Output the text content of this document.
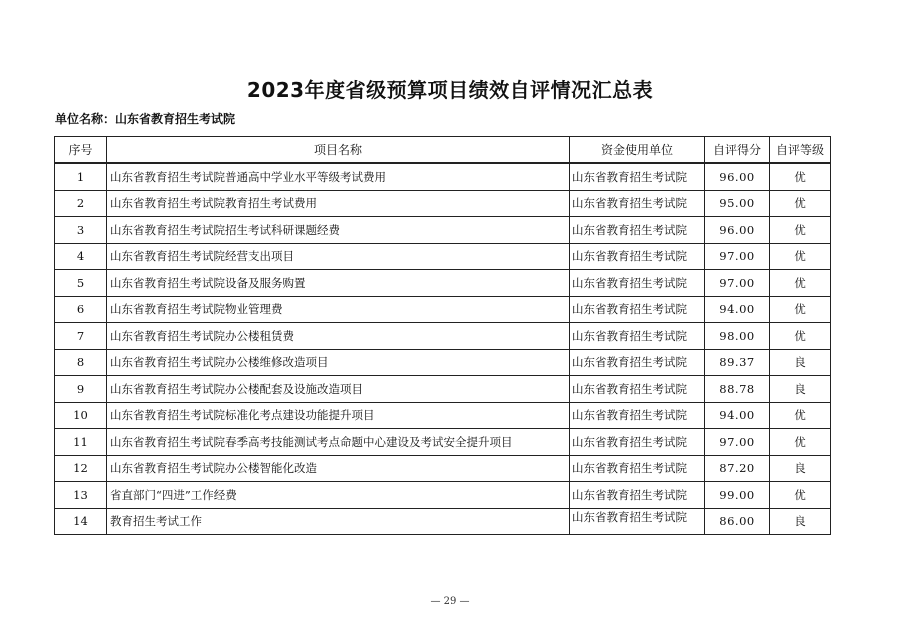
2023年度省级预算项目绩效自评情况汇总表
单位名称：山东省教育招生考试院
序号	项目名称	资金使用单位	自评得分	自评等级
1	山东省教育招生考试院普通高中学业水平等级考试费用	山东省教育招生考试院	96.00	优
2	山东省教育招生考试院教育招生考试费用	山东省教育招生考试院	95.00	优
3	山东省教育招生考试院招生考试科研课题经费	山东省教育招生考试院	96.00	优
4	山东省教育招生考试院经营支出项目	山东省教育招生考试院	97.00	优
5	山东省教育招生考试院设备及服务购置	山东省教育招生考试院	97.00	优
6	山东省教育招生考试院物业管理费	山东省教育招生考试院	94.00	优
7	山东省教育招生考试院办公楼租赁费	山东省教育招生考试院	98.00	优
8	山东省教育招生考试院办公楼维修改造项目	山东省教育招生考试院	89.37	良
9	山东省教育招生考试院办公楼配套及设施改造项目	山东省教育招生考试院	88.78	良
10	山东省教育招生考试院标准化考点建设功能提升项目	山东省教育招生考试院	94.00	优
11	山东省教育招生考试院春季高考技能测试考点命题中心建设及考试安全提升项目	山东省教育招生考试院	97.00	优
12	山东省教育招生考试院办公楼智能化改造	山东省教育招生考试院	87.20	良
13	省直部门“四进”工作经费	山东省教育招生考试院	99.00	优
14	教育招生考试工作	山东省教育招生考试院	86.00	良
— 29 —
